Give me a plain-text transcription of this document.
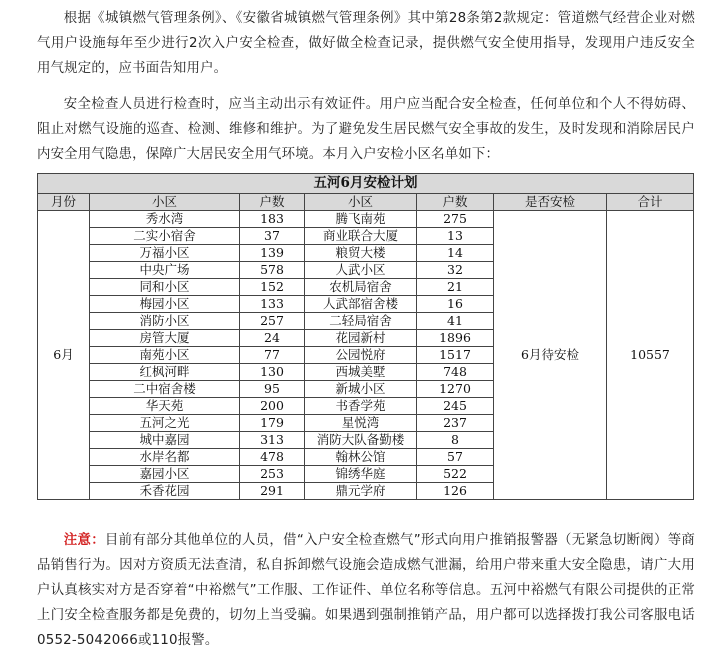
根据《城镇燃气管理条例》、《安徽省城镇燃气管理条例》其中第28条第2款规定：管道燃气经营企业对燃气用户设施每年至少进行2次入户安全检查，做好做全检查记录，提供燃气安全使用指导，发现用户违反安全用气规定的，应书面告知用户。

安全检查人员进行检查时，应当主动出示有效证件。用户应当配合安全检查，任何单位和个人不得妨碍、阻止对燃气设施的巡查、检测、维修和维护。为了避免发生居民燃气安全事故的发生，及时发现和消除居民户内安全用气隐患，保障广大居民安全用气环境。本月入户安检小区名单如下：

五河6月安检计划						
月份	小区	户数	小区	户数	是否安检	合计
6月	秀水湾	183	腾飞南苑	275	6月待安检	10557
	二实小宿舍	37	商业联合大厦	13		
	万福小区	139	粮贸大楼	14		
	中央广场	578	人武小区	32		
	同和小区	152	农机局宿舍	21		
	梅园小区	133	人武部宿舍楼	16		
	消防小区	257	二轻局宿舍	41		
	房管大厦	24	花园新村	1896		
	南苑小区	77	公园悦府	1517		
	红枫河畔	130	西城美墅	748		
	二中宿舍楼	95	新城小区	1270		
	华天苑	200	书香学苑	245		
	五河之光	179	星悦湾	237		
	城中嘉园	313	消防大队备勤楼	8		
	水岸名都	478	翰林公馆	57		
	嘉园小区	253	锦绣华庭	522		
	禾香花园	291	鼎元学府	126		

注意：目前有部分其他单位的人员，借“入户安全检查燃气”形式向用户推销报警器（无紧急切断阀）等商品销售行为。因对方资质无法查清，私自拆卸燃气设施会造成燃气泄漏，给用户带来重大安全隐患，请广大用户认真核实对方是否穿着“中裕燃气”工作服、工作证件、单位名称等信息。五河中裕燃气有限公司提供的正常上门安全检查服务都是免费的，切勿上当受骗。如果遇到强制推销产品，用户都可以选择拨打我公司客服电话0552-5042066或110报警。
